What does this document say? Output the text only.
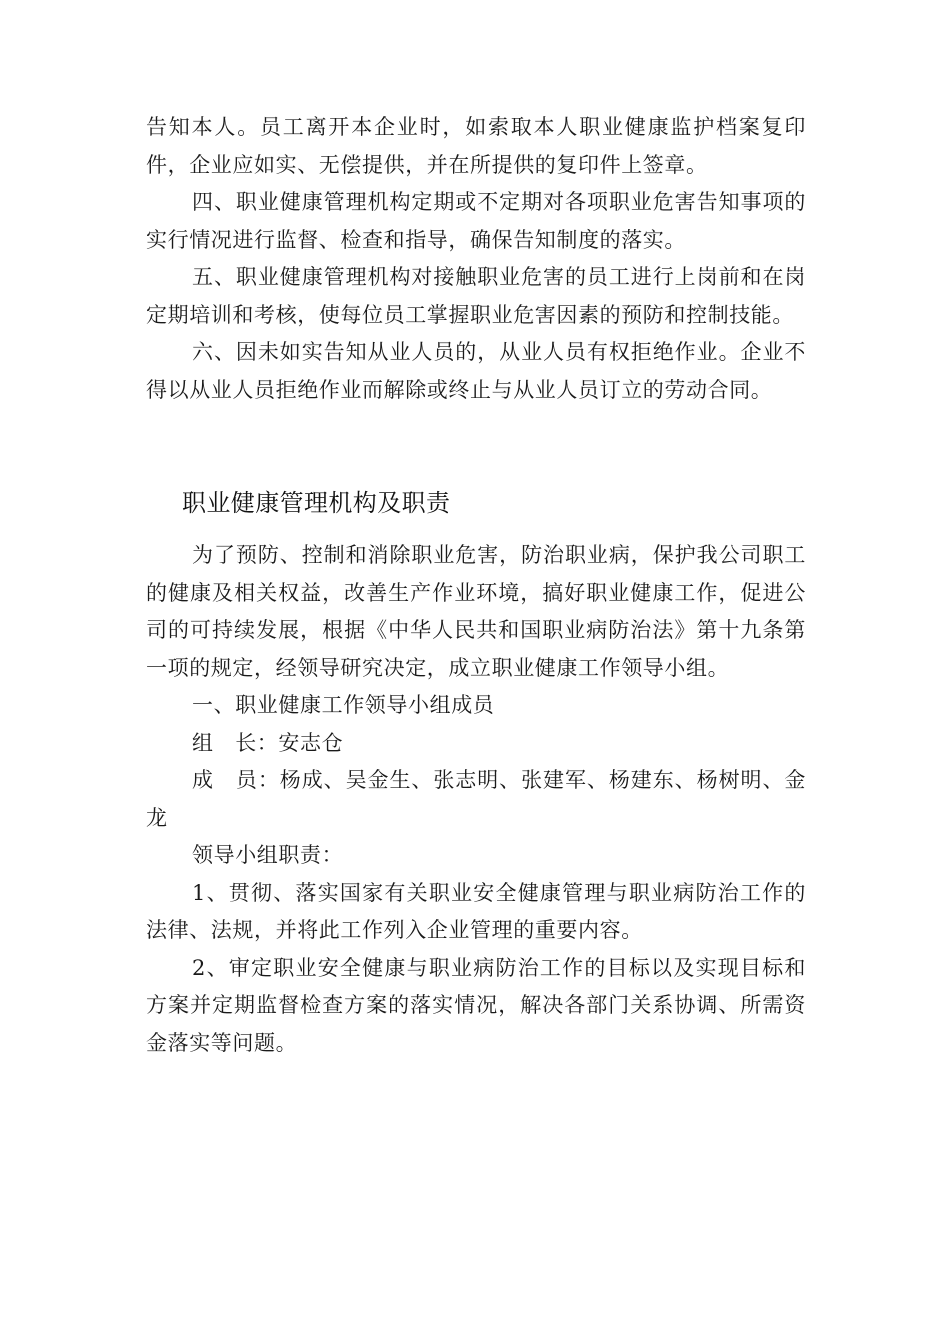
告知本人。员工离开本企业时，如索取本人职业健康监护档案复印件，企业应如实、无偿提供，并在所提供的复印件上签章。

四、职业健康管理机构定期或不定期对各项职业危害告知事项的实行情况进行监督、检查和指导，确保告知制度的落实。

五、职业健康管理机构对接触职业危害的员工进行上岗前和在岗定期培训和考核，使每位员工掌握职业危害因素的预防和控制技能。

六、因未如实告知从业人员的，从业人员有权拒绝作业。企业不得以从业人员拒绝作业而解除或终止与从业人员订立的劳动合同。

职业健康管理机构及职责

为了预防、控制和消除职业危害，防治职业病，保护我公司职工的健康及相关权益，改善生产作业环境，搞好职业健康工作，促进公司的可持续发展，根据《中华人民共和国职业病防治法》第十九条第一项的规定，经领导研究决定，成立职业健康工作领导小组。

一、职业健康工作领导小组成员

组　长：安志仓

成　员：杨成、吴金生、张志明、张建军、杨建东、杨树明、金龙

领导小组职责：

1、贯彻、落实国家有关职业安全健康管理与职业病防治工作的法律、法规，并将此工作列入企业管理的重要内容。

2、审定职业安全健康与职业病防治工作的目标以及实现目标和方案并定期监督检查方案的落实情况，解决各部门关系协调、所需资金落实等问题。
